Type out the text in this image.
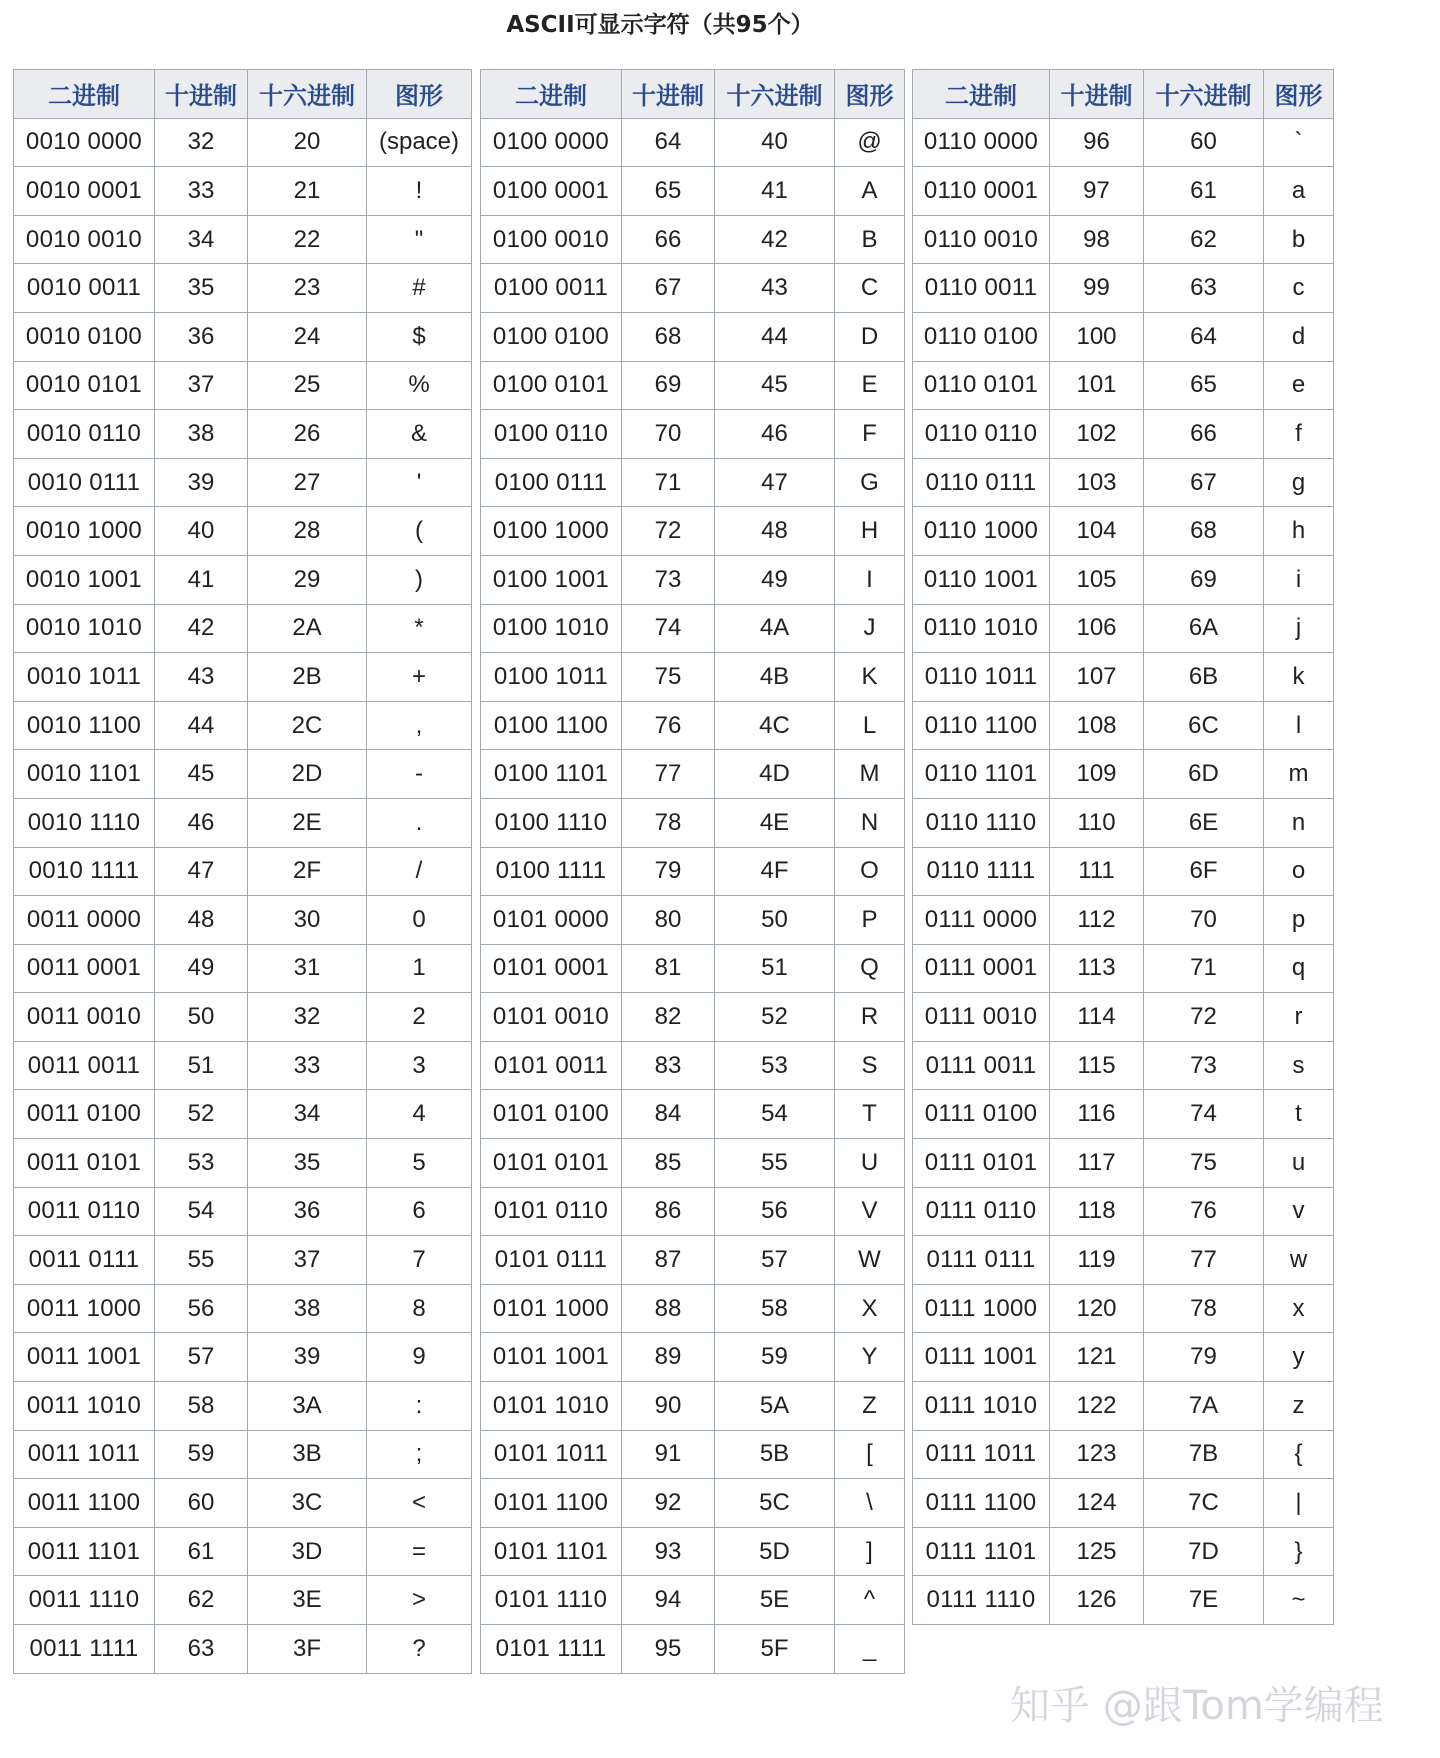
ASCII可显示字符（共95个）
二进制	十进制	十六进制	图形
0010 0000	32	20	(space)
0010 0001	33	21	!
0010 0010	34	22	"
0010 0011	35	23	#
0010 0100	36	24	$
0010 0101	37	25	%
0010 0110	38	26	&
0010 0111	39	27	'
0010 1000	40	28	(
0010 1001	41	29	)
0010 1010	42	2A	*
0010 1011	43	2B	+
0010 1100	44	2C	,
0010 1101	45	2D	-
0010 1110	46	2E	.
0010 1111	47	2F	/
0011 0000	48	30	0
0011 0001	49	31	1
0011 0010	50	32	2
0011 0011	51	33	3
0011 0100	52	34	4
0011 0101	53	35	5
0011 0110	54	36	6
0011 0111	55	37	7
0011 1000	56	38	8
0011 1001	57	39	9
0011 1010	58	3A	:
0011 1011	59	3B	;
0011 1100	60	3C	<
0011 1101	61	3D	=
0011 1110	62	3E	>
0011 1111	63	3F	?
二进制	十进制	十六进制	图形
0100 0000	64	40	@
0100 0001	65	41	A
0100 0010	66	42	B
0100 0011	67	43	C
0100 0100	68	44	D
0100 0101	69	45	E
0100 0110	70	46	F
0100 0111	71	47	G
0100 1000	72	48	H
0100 1001	73	49	I
0100 1010	74	4A	J
0100 1011	75	4B	K
0100 1100	76	4C	L
0100 1101	77	4D	M
0100 1110	78	4E	N
0100 1111	79	4F	O
0101 0000	80	50	P
0101 0001	81	51	Q
0101 0010	82	52	R
0101 0011	83	53	S
0101 0100	84	54	T
0101 0101	85	55	U
0101 0110	86	56	V
0101 0111	87	57	W
0101 1000	88	58	X
0101 1001	89	59	Y
0101 1010	90	5A	Z
0101 1011	91	5B	[
0101 1100	92	5C	\
0101 1101	93	5D	]
0101 1110	94	5E	^
0101 1111	95	5F	_
二进制	十进制	十六进制	图形
0110 0000	96	60	`
0110 0001	97	61	a
0110 0010	98	62	b
0110 0011	99	63	c
0110 0100	100	64	d
0110 0101	101	65	e
0110 0110	102	66	f
0110 0111	103	67	g
0110 1000	104	68	h
0110 1001	105	69	i
0110 1010	106	6A	j
0110 1011	107	6B	k
0110 1100	108	6C	l
0110 1101	109	6D	m
0110 1110	110	6E	n
0110 1111	111	6F	o
0111 0000	112	70	p
0111 0001	113	71	q
0111 0010	114	72	r
0111 0011	115	73	s
0111 0100	116	74	t
0111 0101	117	75	u
0111 0110	118	76	v
0111 0111	119	77	w
0111 1000	120	78	x
0111 1001	121	79	y
0111 1010	122	7A	z
0111 1011	123	7B	{
0111 1100	124	7C	|
0111 1101	125	7D	}
0111 1110	126	7E	~
知乎 @跟Tom学编程
